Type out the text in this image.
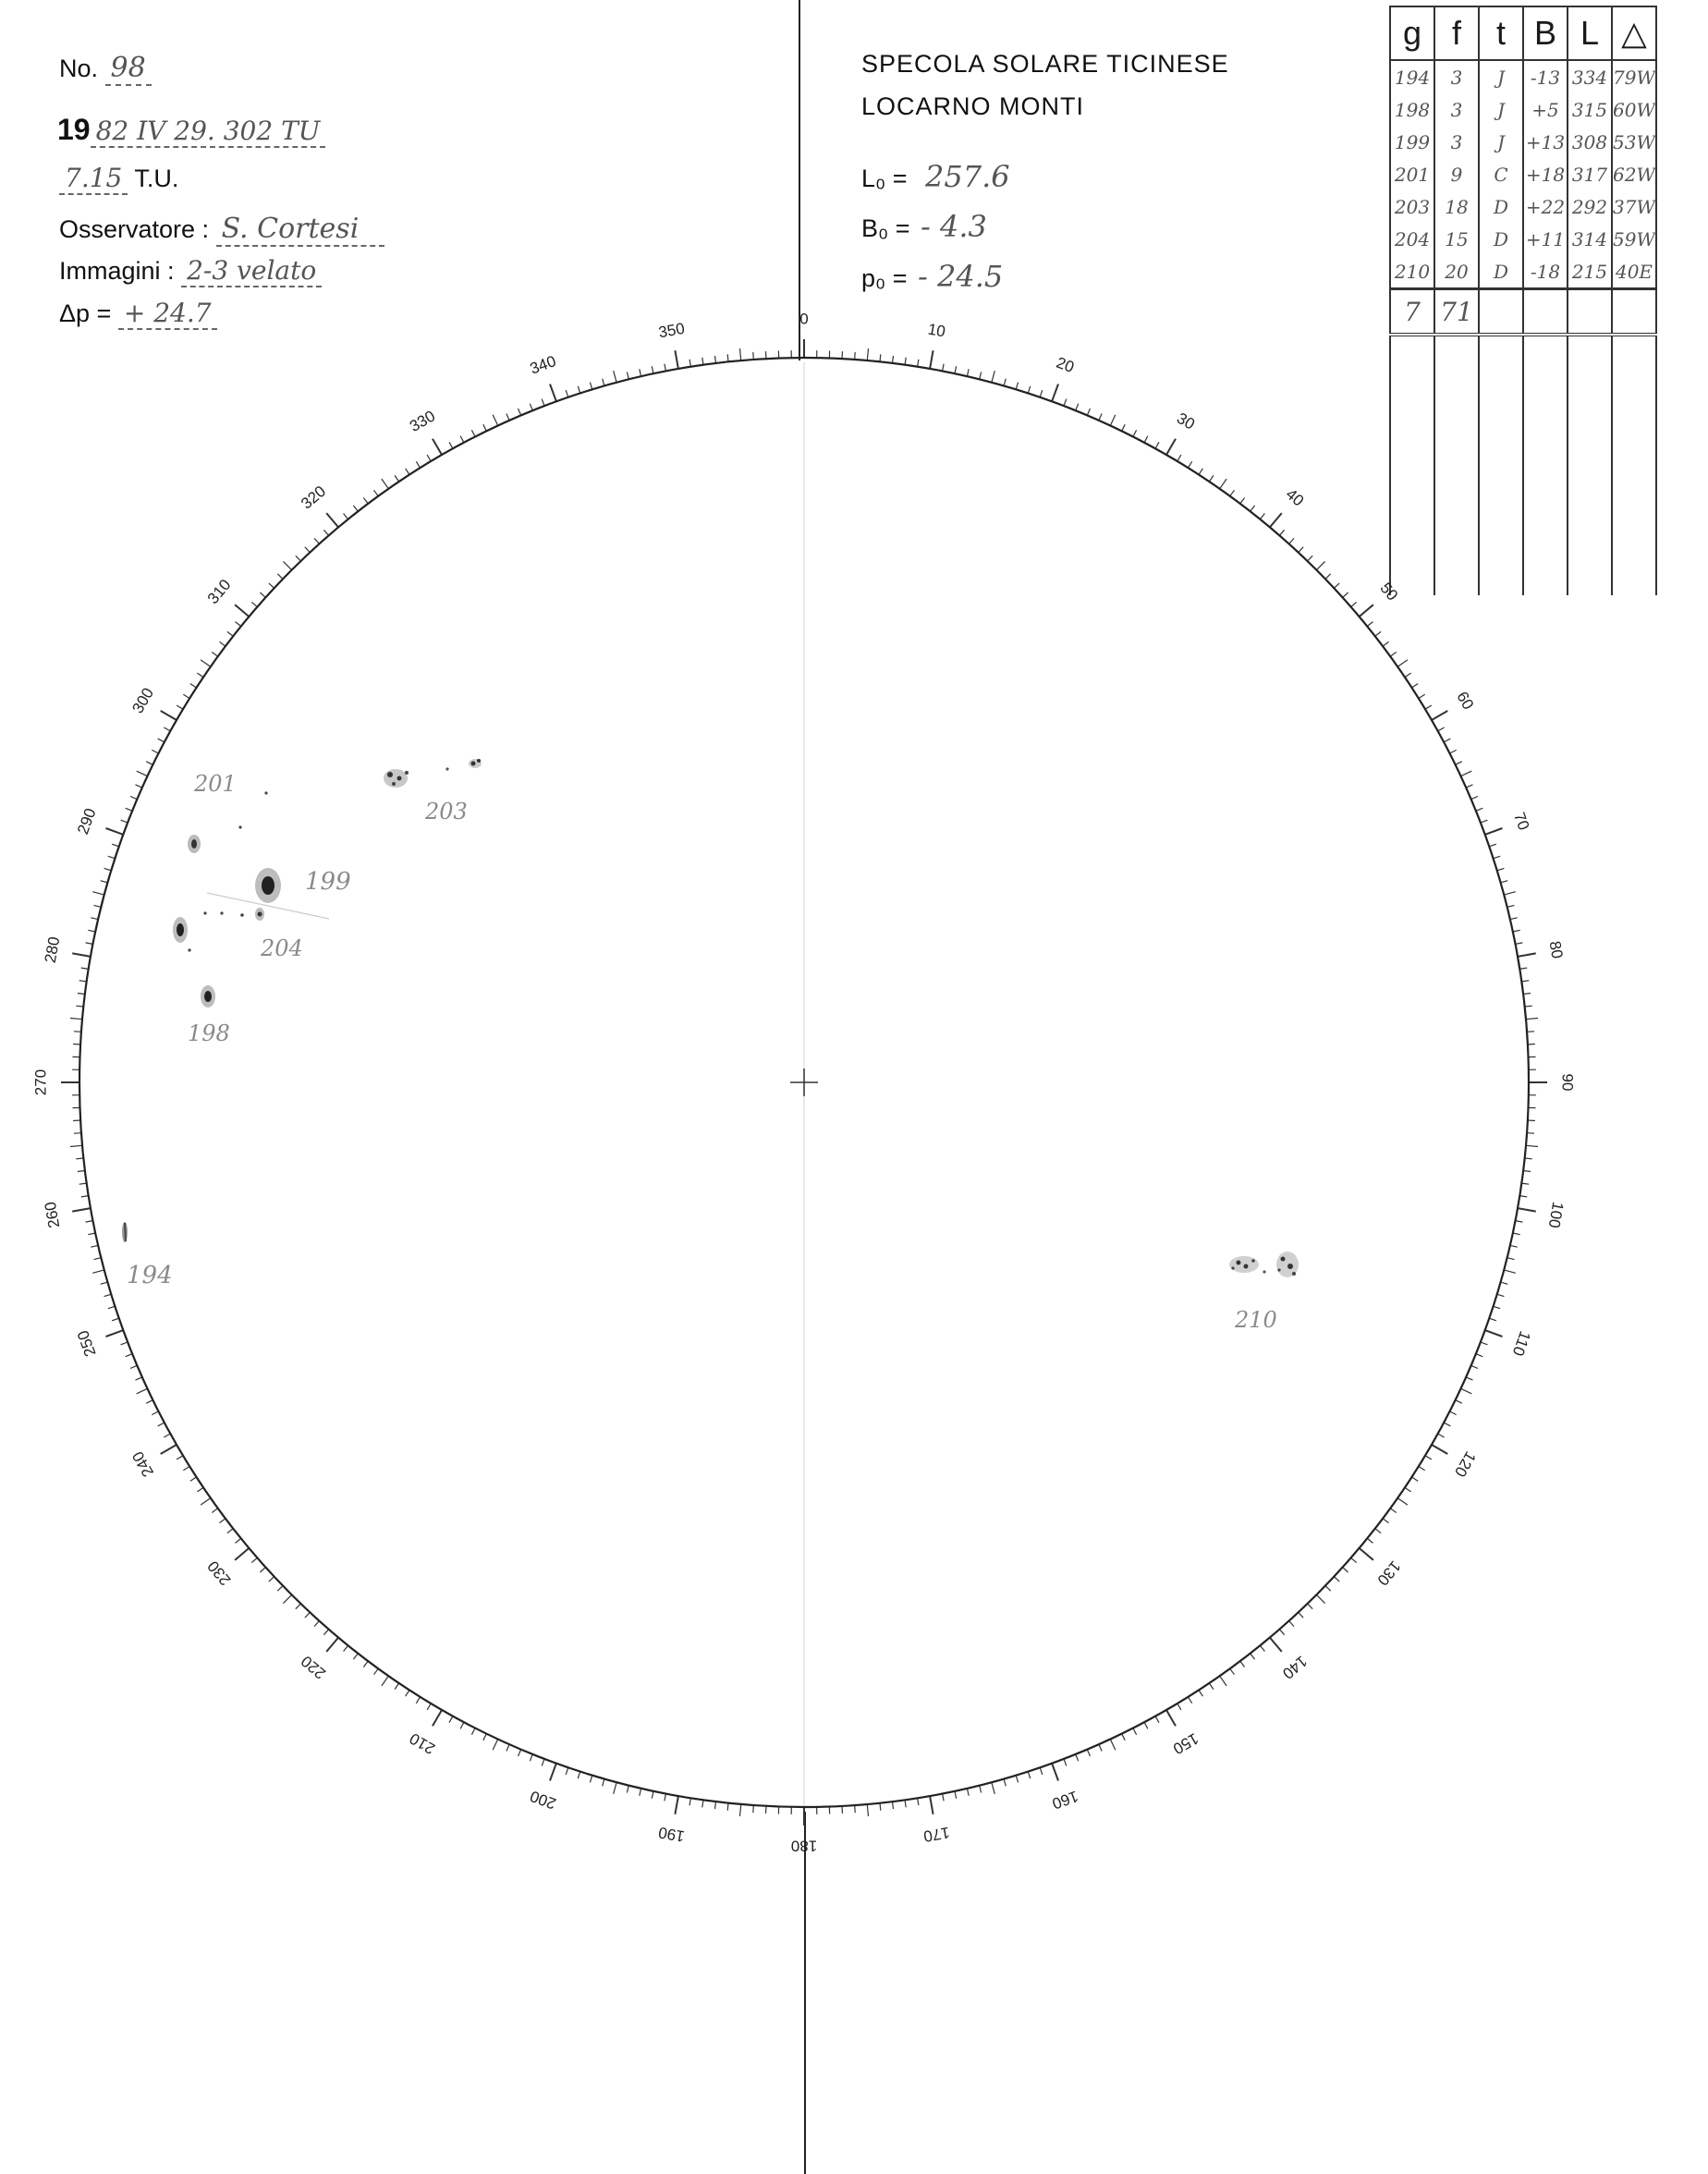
No. 98
19 82 IV 29. 302 TU
7.15 T.U.
Osservatore : S. Cortesi
Immagini : 2-3 velato
Δp = + 24.7
SPECOLA SOLARE TICINESE
LOCARNO MONTI
L₀ = 257.6
B₀ = - 4.3
p₀ = - 24.5
g	f	t	B	L	△
194	3	J	-13	334	79W
198	3	J	+5	315	60W
199	3	J	+13	308	53W
201	9	C	+18	317	62W
203	18	D	+22	292	37W
204	15	D	+11	314	59W
210	20	D	-18	215	40E
7	71				

0
10
20
30
40
50
60
70
80
90
100
110
120
130
140
150
160
170
180
190
200
210
220
230
240
250
260
270
280
290
300
310
320
330
340
350
201
203
199
204
198
194
210
